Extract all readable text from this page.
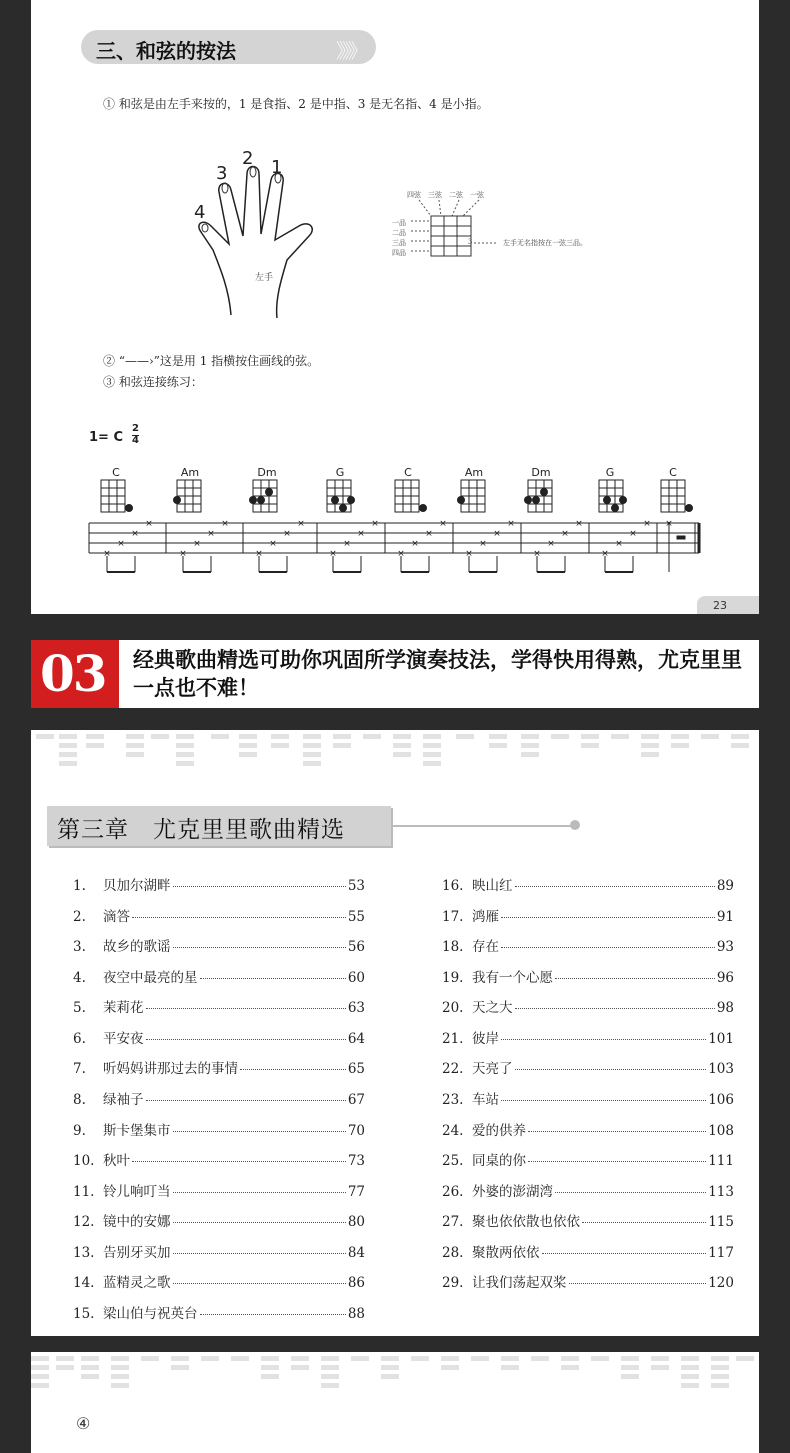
三、和弦的按法	》》》
① 和弦是由左手来按的，1 是食指、2 是中指、3 是无名指、4 是小指。
4
3
2 1
左手
四弦 三弦 二弦 一弦
一品
二品
三品
四品
3	左手无名指按在一弦三品。
② “——›”这是用 1 指横按住画线的弦。
③ 和弦连接练习：
1= C $\frac{2}{4}$
C	Am	Dm	G	C	Am	Dm	G	C
×
×
×
×
×
×
×
×
×
×
×
×
×
×
×
×
×
×
×
×
×
×
×
×
×
×
×
×
×
×
×
× ×
23
03 经典歌曲精选可助你巩固所学演奏技法，学得快用得熟，尤克里里一点也不难！
第三章　尤克里里歌曲精选
1.	贝加尔湖畔	53
2.	滴答	55
3.	故乡的歌谣	56
4.	夜空中最亮的星	60
5.	茉莉花	63
6.	平安夜	64
7.	听妈妈讲那过去的事情	65
8.	绿袖子	67
9.	斯卡堡集市	70
10. 秋叶	73
11. 铃儿响叮当	77
12. 镜中的安娜	80
13. 告别牙买加	84
14. 蓝精灵之歌	86
15. 梁山伯与祝英台	88
16. 映山红	89
17. 鸿雁	91
18. 存在	93
19. 我有一个心愿	96
20. 天之大	98
21. 彼岸	101
22. 天亮了	103
23. 车站	106
24. 爱的供养	108
25. 同桌的你	111
26. 外婆的澎湖湾	113
27. 聚也依依散也依依	115
28. 聚散两依依	117
29. 让我们荡起双桨	120
④
